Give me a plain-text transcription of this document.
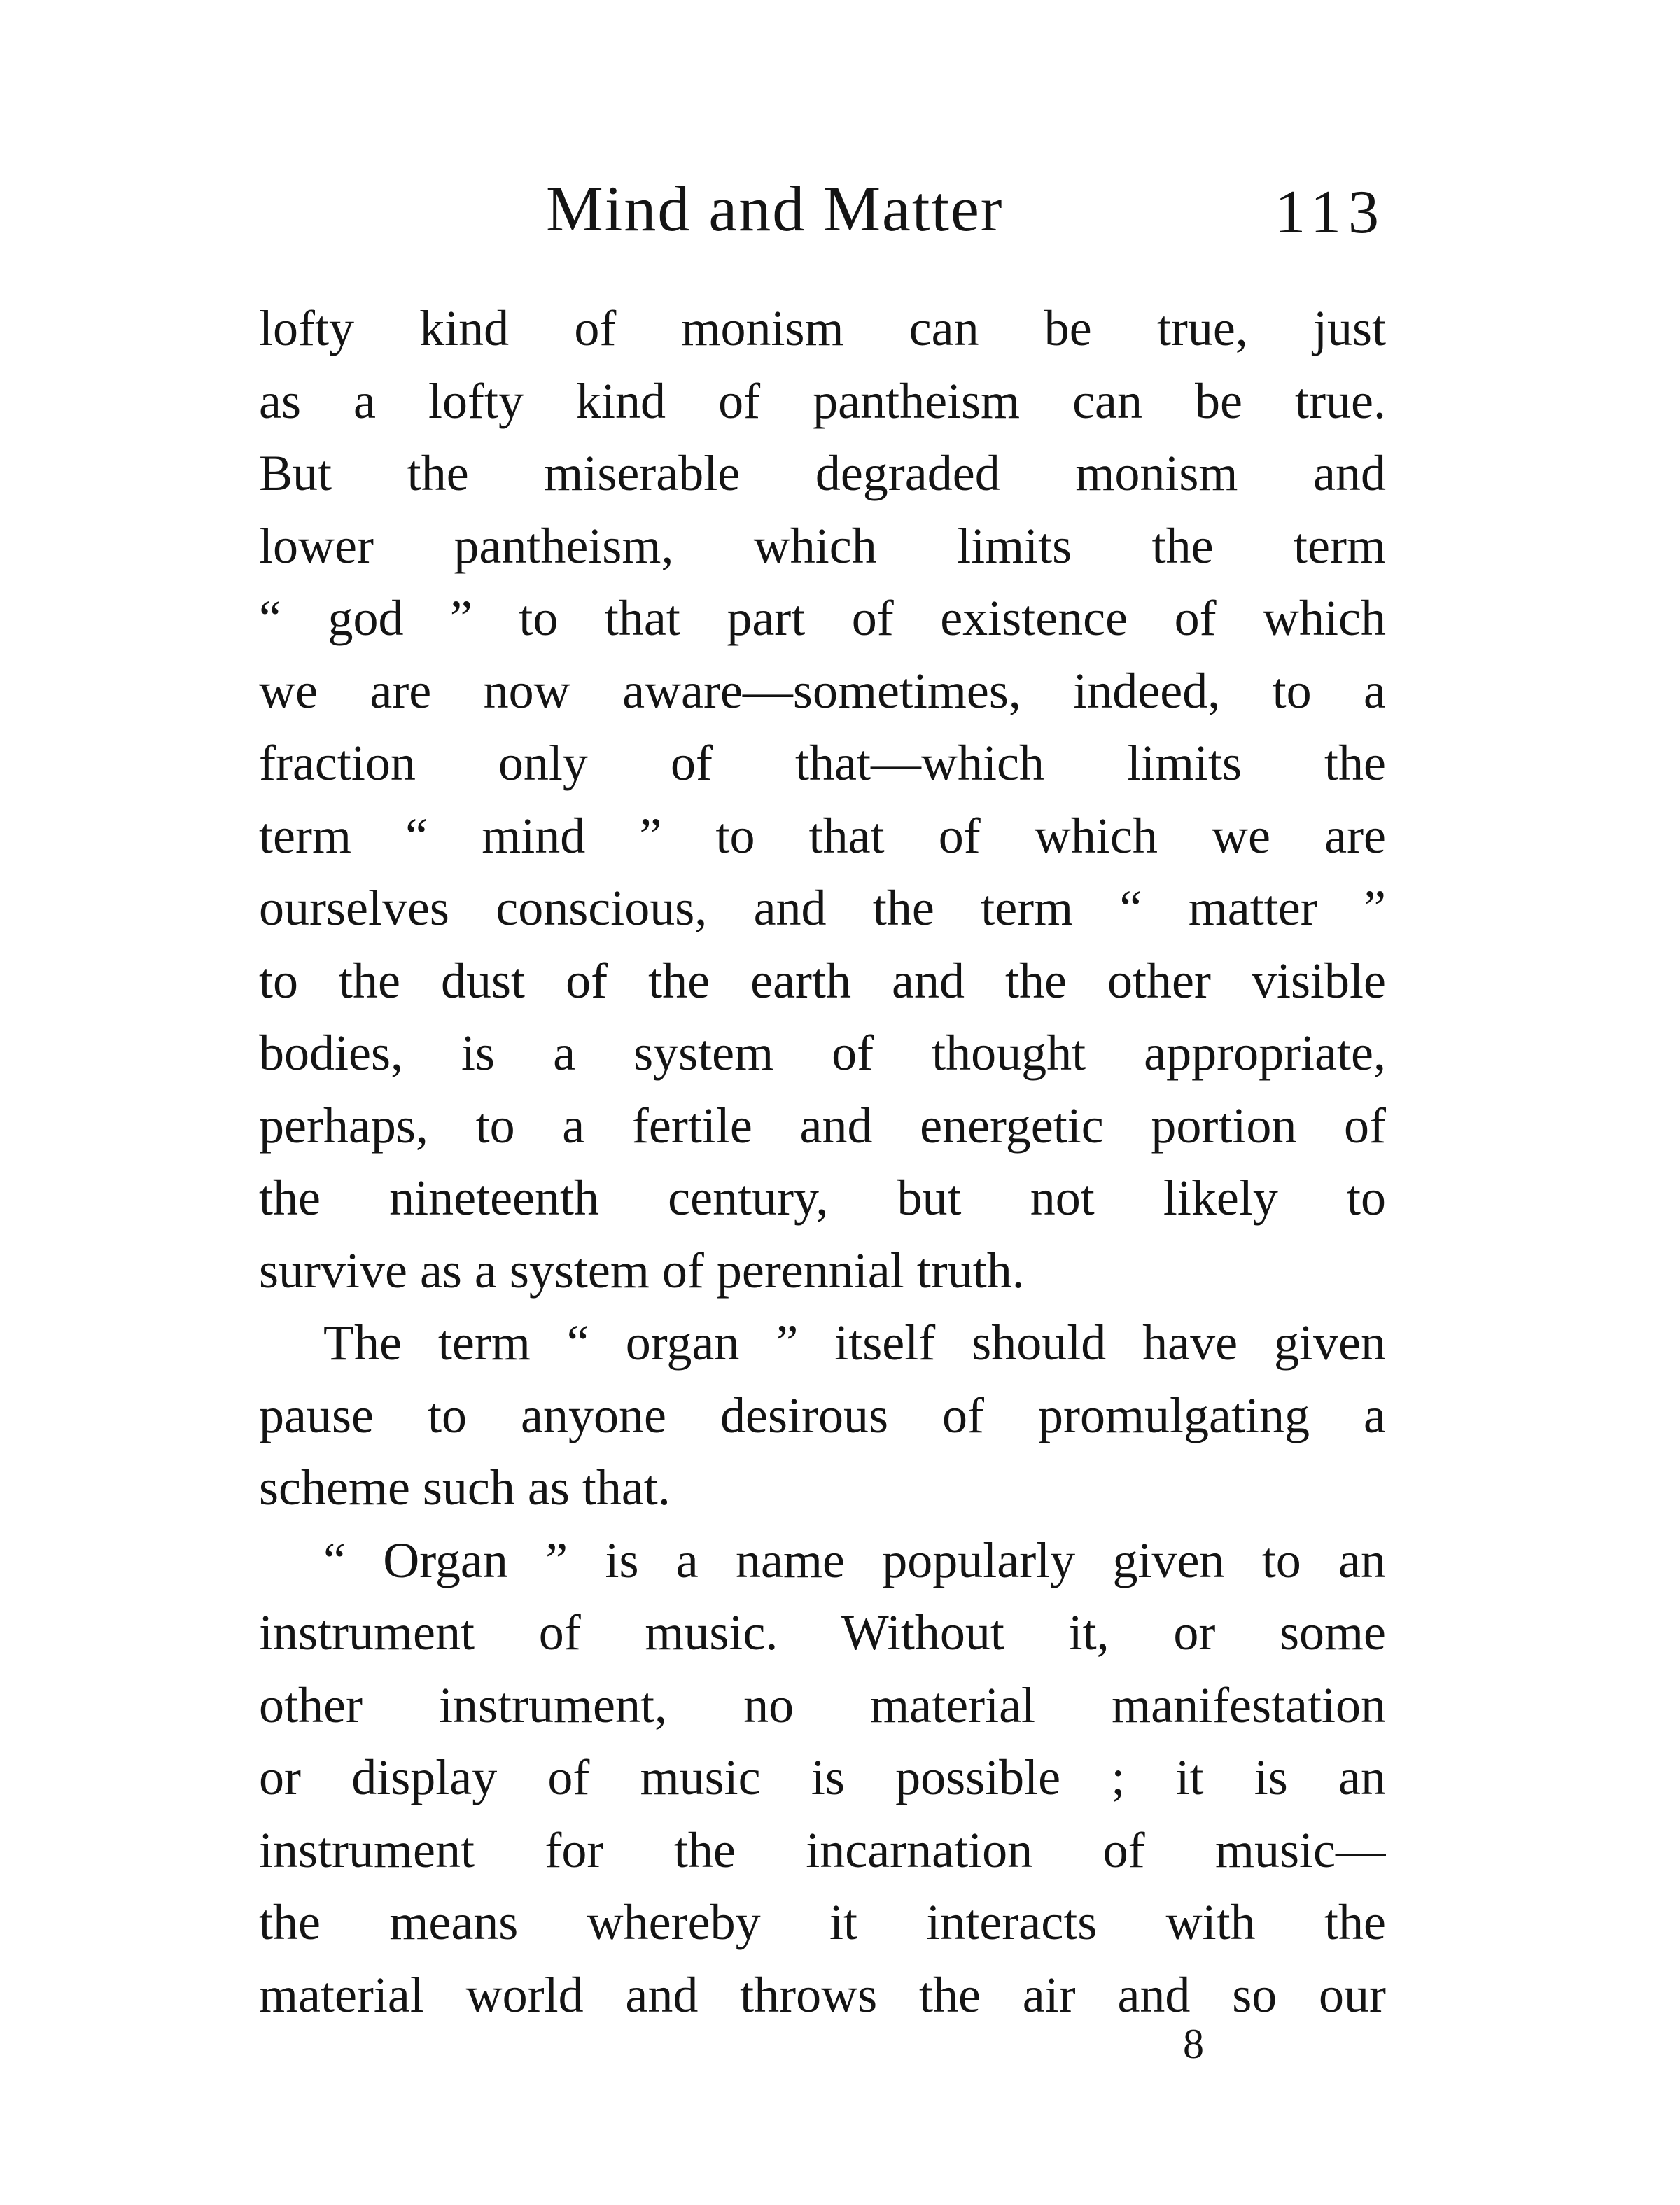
Mind and Matter	113
lofty kind of monism can be true, just
as a lofty kind of pantheism can be true.
But the miserable degraded monism and
lower pantheism, which limits the term
“ god ” to that part of existence of which
we are now aware—sometimes, indeed, to a
fraction only of that—which limits the
term “ mind ” to that of which we are
ourselves conscious, and the term “ matter ”
to the dust of the earth and the other visible
bodies, is a system of thought appropriate,
perhaps, to a fertile and energetic portion of
the nineteenth century, but not likely to
survive as a system of perennial truth.
The term “ organ ” itself should have given
pause to anyone desirous of promulgating a
scheme such as that.
“ Organ ” is a name popularly given to an
instrument of music. Without it, or some
other instrument, no material manifestation
or display of music is possible ; it is an
instrument for the incarnation of music—
the means whereby it interacts with the
material world and throws the air and so our
8
